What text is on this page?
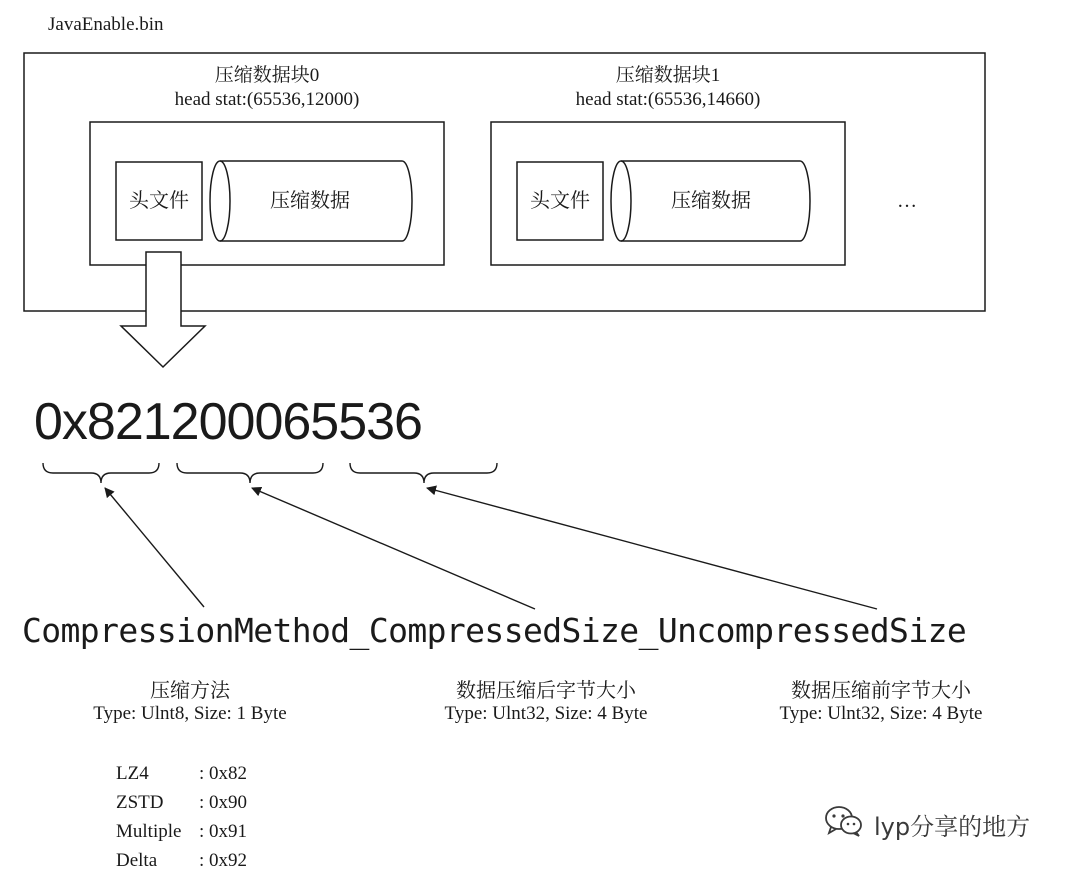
JavaEnable.bin
压缩数据块0
head stat:(65536,12000)
压缩数据块1
head stat:(65536,14660)
头文件	压缩数据	头文件	压缩数据	…
0x821200065536
CompressionMethod_CompressedSize_UncompressedSize
压缩方法
Type: Ulnt8, Size: 1 Byte
数据压缩后字节大小
Type: Ulnt32, Size: 4 Byte
数据压缩前字节大小
Type: Ulnt32, Size: 4 Byte
LZ4	: 0x82
ZSTD : 0x90
Multiple : 0x91
Delta : 0x92
lyp分享的地方
